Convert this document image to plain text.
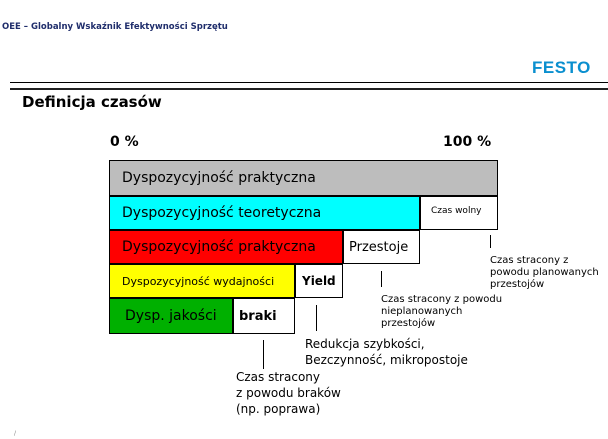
OEE – Globalny Wskaźnik Efektywności Sprzętu
FESTO
Definicja czasów
0 %	100 %
Dyspozycyjność praktyczna
Dyspozycyjność teoretyczna	Czas wolny
Dyspozycyjność praktyczna	Przestoje
Dyspozycyjność wydajności	Yield
Dysp. jakości	braki
Czas stracony z
powodu planowanych
przestojów
Czas stracony z powodu
nieplanowanych
przestojów
Redukcja szybkości,
Bezczynność, mikropostoje
Czas stracony
z powodu braków
(np. poprawa)
/
